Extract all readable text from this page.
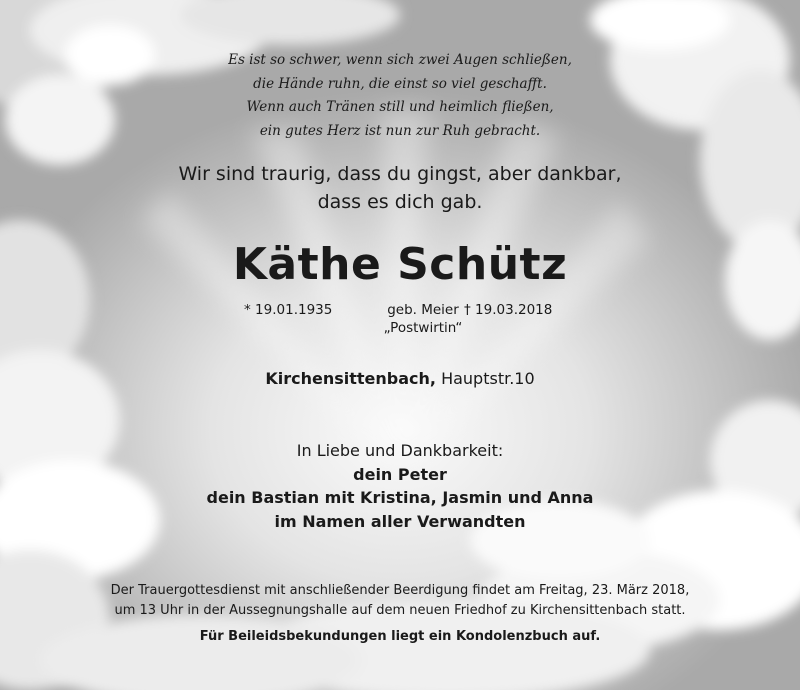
Es ist so schwer, wenn sich zwei Augen schließen,
die Hände ruhn, die einst so viel geschafft.
Wenn auch Tränen still und heimlich fließen,
ein gutes Herz ist nun zur Ruh gebracht.
Wir sind traurig, dass du gingst, aber dankbar,
dass es dich gab.
Käthe Schütz
* 19.01.1935	geb. Meier
„Postwirtin“
† 19.03.2018
Kirchensittenbach, Hauptstr.10
In Liebe und Dankbarkeit:
dein Peter
dein Bastian mit Kristina, Jasmin und Anna
im Namen aller Verwandten
Der Trauergottesdienst mit anschließender Beerdigung findet am Freitag, 23. März 2018,
um 13 Uhr in der Aussegnungshalle auf dem neuen Friedhof zu Kirchensittenbach statt.
Für Beileidsbekundungen liegt ein Kondolenzbuch auf.
